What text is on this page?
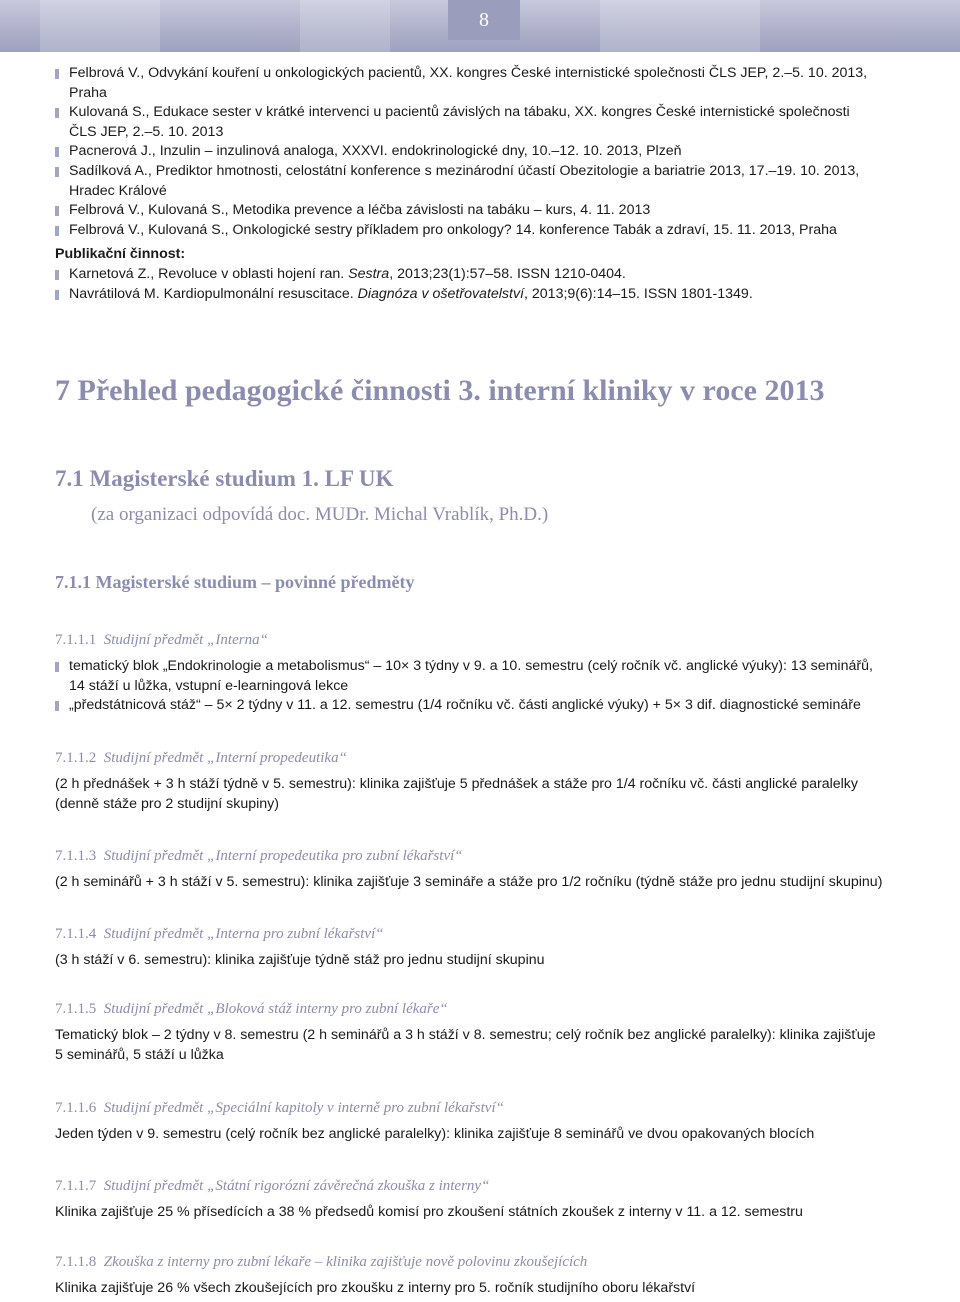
8
Felbrová V., Odvykání kouření u onkologických pacientů, XX. kongres České internistické společnosti ČLS JEP, 2.–5. 10. 2013,
Praha
Kulovaná S., Edukace sester v krátké intervenci u pacientů závislých na tábaku, XX. kongres České internistické společnosti
ČLS JEP, 2.–5. 10. 2013
Pacnerová J., Inzulin – inzulinová analoga, XXXVI. endokrinologické dny, 10.–12. 10. 2013, Plzeň
Sadílková A., Prediktor hmotnosti, celostátní konference s mezinárodní účastí Obezitologie a bariatrie 2013, 17.–19. 10. 2013,
Hradec Králové
Felbrová V., Kulovaná S., Metodika prevence a léčba závislosti na tabáku – kurs, 4. 11. 2013
Felbrová V., Kulovaná S., Onkologické sestry příkladem pro onkology? 14. konference Tabák a zdraví, 15. 11. 2013, Praha
Publikační činnost:
Karnetová Z., Revoluce v oblasti hojení ran. Sestra, 2013;23(1):57–58. ISSN 1210-0404.
Navrátilová M. Kardiopulmonální resuscitace. Diagnóza v ošetřovatelství, 2013;9(6):14–15. ISSN 1801-1349.
7 Přehled pedagogické činnosti 3. interní kliniky v roce 2013
7.1 Magisterské studium 1. LF UK
(za organizaci odpovídá doc. MUDr. Michal Vrablík, Ph.D.)
7.1.1 Magisterské studium – povinné předměty
7.1.1.1 Studijní předmět „Interna“
tematický blok „Endokrinologie a metabolismus“ – 10× 3 týdny v 9. a 10. semestru (celý ročník vč. anglické výuky): 13 seminářů,
14 stáží u lůžka, vstupní e-learningová lekce
„předstátnicová stáž“ – 5× 2 týdny v 11. a 12. semestru (1/4 ročníku vč. části anglické výuky) + 5× 3 dif. diagnostické semináře
7.1.1.2 Studijní předmět „Interní propedeutika“

(2 h přednášek + 3 h stáží týdně v 5. semestru): klinika zajišťuje 5 přednášek a stáže pro 1/4 ročníku vč. části anglické paralelky

(denně stáže pro 2 studijní skupiny)

7.1.1.3 Studijní předmět „Interní propedeutika pro zubní lékařství“

(2 h seminářů + 3 h stáží v 5. semestru): klinika zajišťuje 3 semináře a stáže pro 1/2 ročníku (týdně stáže pro jednu studijní skupinu)

7.1.1.4 Studijní předmět „Interna pro zubní lékařství“

(3 h stáží v 6. semestru): klinika zajišťuje týdně stáž pro jednu studijní skupinu

7.1.1.5 Studijní předmět „Bloková stáž interny pro zubní lékaře“

Tematický blok – 2 týdny v 8. semestru (2 h seminářů a 3 h stáží v 8. semestru; celý ročník bez anglické paralelky): klinika zajišťuje

5 seminářů, 5 stáží u lůžka

7.1.1.6 Studijní předmět „Speciální kapitoly v interně pro zubní lékařství“

Jeden týden v 9. semestru (celý ročník bez anglické paralelky): klinika zajišťuje 8 seminářů ve dvou opakovaných blocích

7.1.1.7 Studijní předmět „Státní rigorózní závěrečná zkouška z interny“

Klinika zajišťuje 25 % přísedících a 38 % předsedů komisí pro zkoušení státních zkoušek z interny v 11. a 12. semestru

7.1.1.8 Zkouška z interny pro zubní lékaře – klinika zajišťuje nově polovinu zkoušejících

Klinika zajišťuje 26 % všech zkoušejících pro zkoušku z interny pro 5. ročník studijního oboru lékařství
